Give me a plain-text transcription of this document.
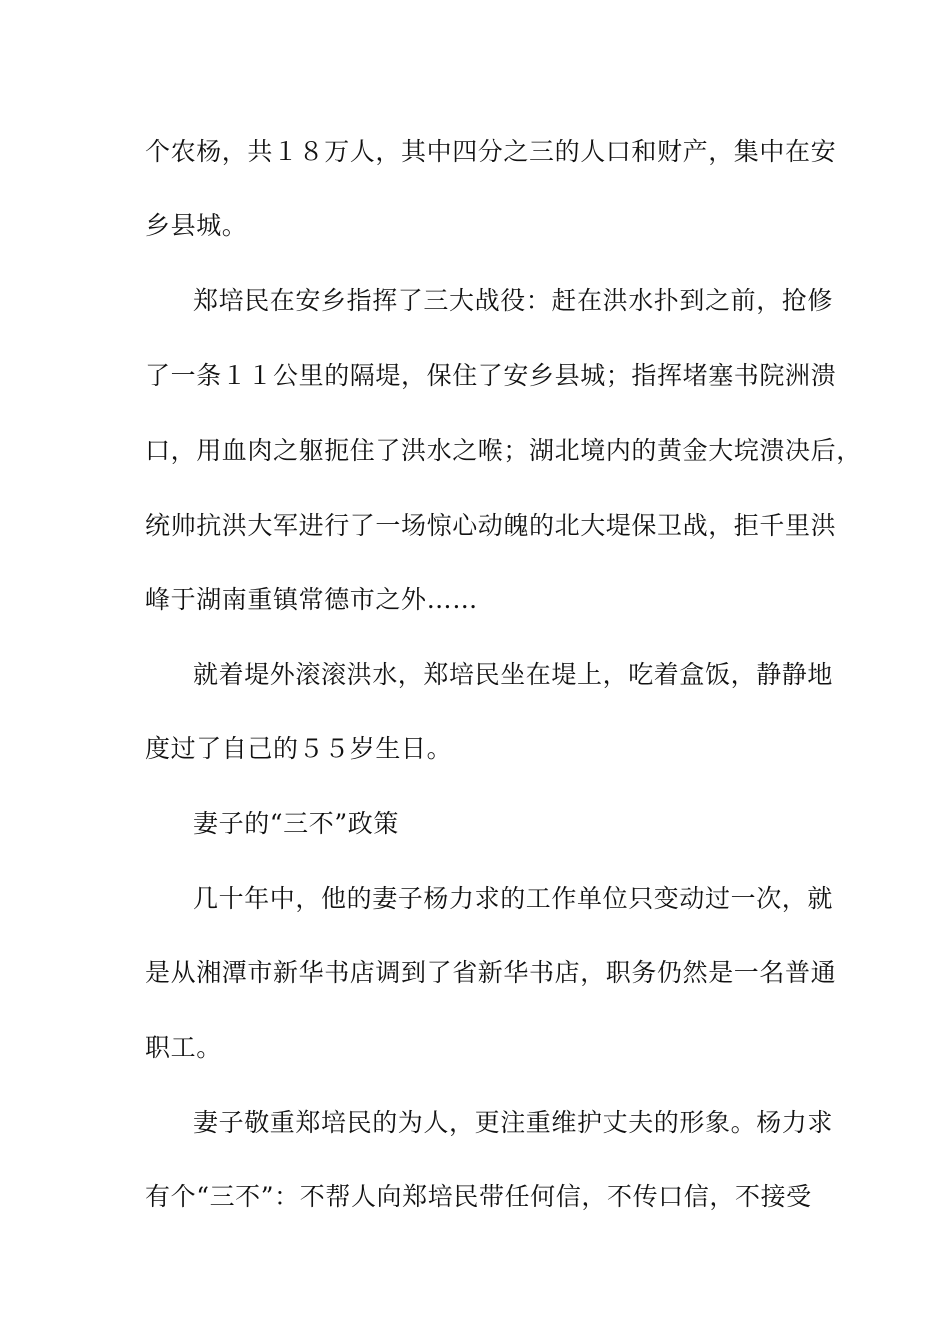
个农杨，共１８万人，其中四分之三的人口和财产，集中在安
乡县城。
郑培民在安乡指挥了三大战役：赶在洪水扑到之前，抢修
了一条１１公里的隔堤，保住了安乡县城；指挥堵塞书院洲溃
口，用血肉之躯扼住了洪水之喉；湖北境内的黄金大垸溃决后，
统帅抗洪大军进行了一场惊心动魄的北大堤保卫战，拒千里洪
峰于湖南重镇常德市之外……
就着堤外滚滚洪水，郑培民坐在堤上，吃着盒饭，静静地
度过了自己的５５岁生日。
妻子的“三不”政策
几十年中，他的妻子杨力求的工作单位只变动过一次，就
是从湘潭市新华书店调到了省新华书店，职务仍然是一名普通
职工。
妻子敬重郑培民的为人，更注重维护丈夫的形象。杨力求
有个“三不”：不帮人向郑培民带任何信，不传口信，不接受
